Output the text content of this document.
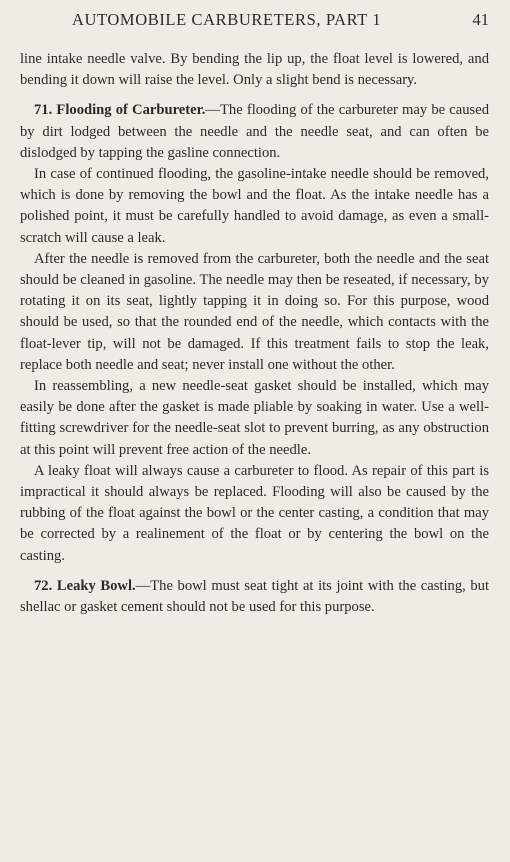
AUTOMOBILE CARBURETERS, PART 1	41

line intake needle valve. By bending the lip up, the float level is lowered, and bending it down will raise the level. Only a slight bend is necessary.

71. Flooding of Carbureter.—The flooding of the carbureter may be caused by dirt lodged between the needle and the needle seat, and can often be dislodged by tapping the gasline connection.

In case of continued flooding, the gasoline-intake needle should be removed, which is done by removing the bowl and the float. As the intake needle has a polished point, it must be carefully handled to avoid damage, as even a small-scratch will cause a leak.

After the needle is removed from the carbureter, both the needle and the seat should be cleaned in gasoline. The needle may then be reseated, if necessary, by rotating it on its seat, lightly tapping it in doing so. For this purpose, wood should be used, so that the rounded end of the needle, which contacts with the float-lever tip, will not be damaged. If this treatment fails to stop the leak, replace both needle and seat; never install one without the other.

In reassembling, a new needle-seat gasket should be installed, which may easily be done after the gasket is made pliable by soaking in water. Use a well-fitting screwdriver for the needle-seat slot to prevent burring, as any obstruction at this point will prevent free action of the needle.

A leaky float will always cause a carbureter to flood. As repair of this part is impractical it should always be replaced. Flooding will also be caused by the rubbing of the float against the bowl or the center casting, a condition that may be corrected by a realinement of the float or by centering the bowl on the casting.

72. Leaky Bowl.—The bowl must seat tight at its joint with the casting, but shellac or gasket cement should not be used for this purpose.
